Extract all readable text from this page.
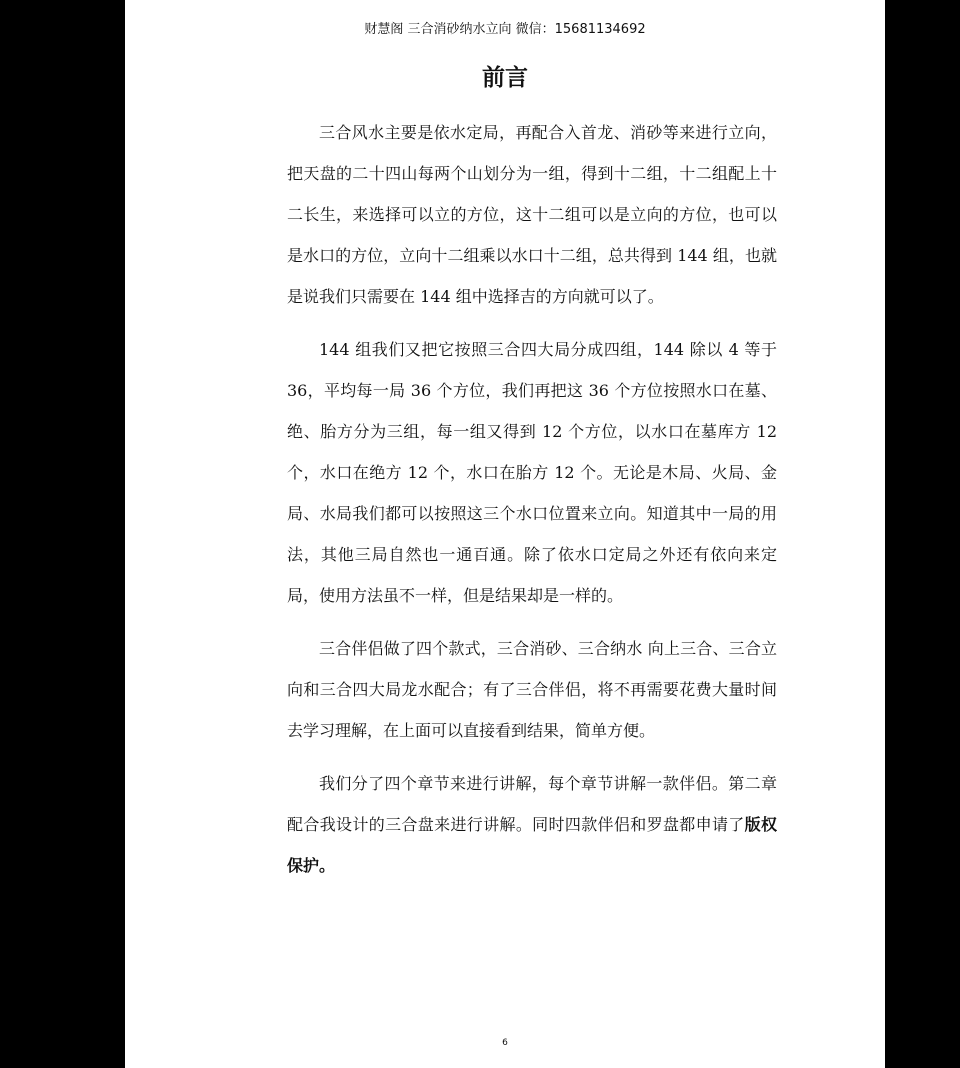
财慧阁 三合消砂纳水立向 微信：15681134692
前言

三合风水主要是依水定局，再配合入首龙、消砂等来进行立向，把天盘的二十四山每两个山划分为一组，得到十二组，十二组配上十二长生，来选择可以立的方位，这十二组可以是立向的方位，也可以是水口的方位，立向十二组乘以水口十二组，总共得到 144 组，也就是说我们只需要在 144 组中选择吉的方向就可以了。

144 组我们又把它按照三合四大局分成四组，144 除以 4 等于 36，平均每一局 36 个方位，我们再把这 36 个方位按照水口在墓、绝、胎方分为三组，每一组又得到 12 个方位，以水口在墓库方 12 个，水口在绝方 12 个，水口在胎方 12 个。无论是木局、火局、金局、水局我们都可以按照这三个水口位置来立向。知道其中一局的用法，其他三局自然也一通百通。除了依水口定局之外还有依向来定局，使用方法虽不一样，但是结果却是一样的。

三合伴侣做了四个款式，三合消砂、三合纳水 向上三合、三合立向和三合四大局龙水配合；有了三合伴侣，将不再需要花费大量时间去学习理解，在上面可以直接看到结果，简单方便。

我们分了四个章节来进行讲解，每个章节讲解一款伴侣。第二章配合我设计的三合盘来进行讲解。同时四款伴侣和罗盘都申请了版权保护。

6
